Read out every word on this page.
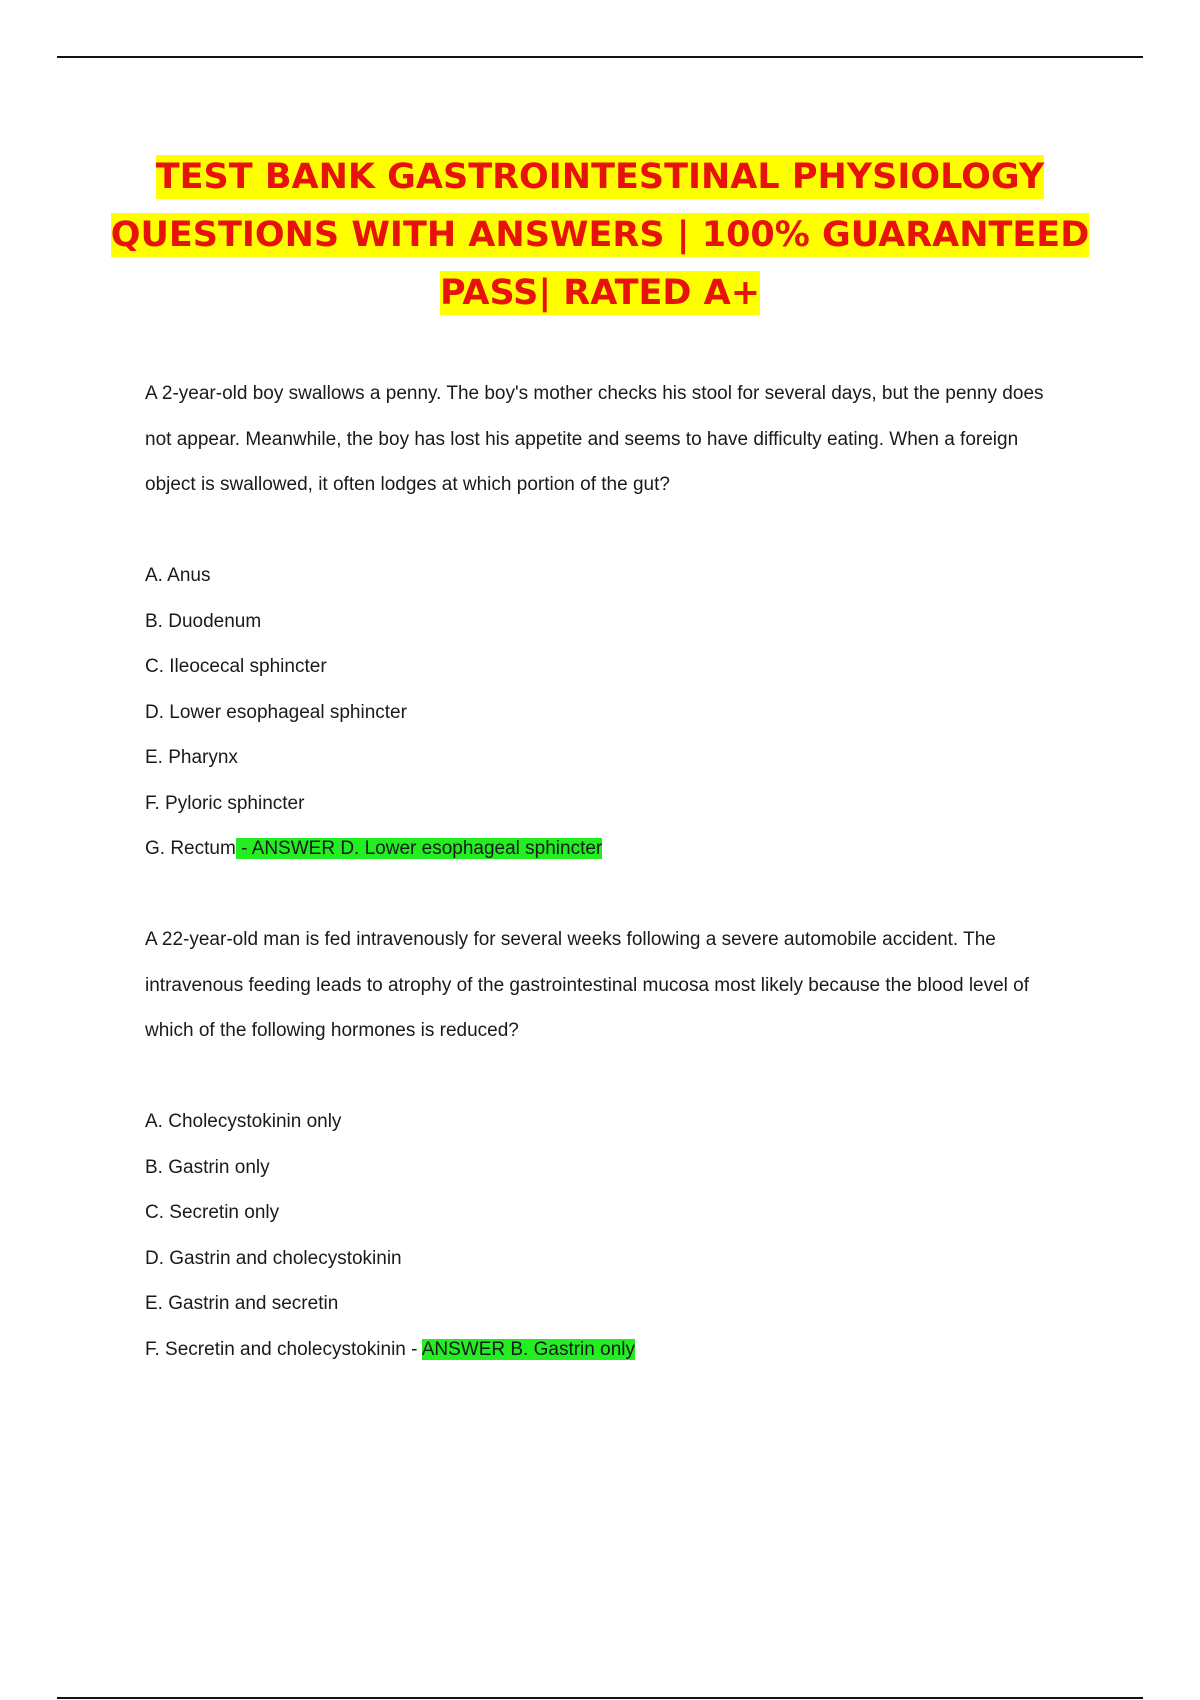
TEST BANK GASTROINTESTINAL PHYSIOLOGY QUESTIONS WITH ANSWERS | 100% GUARANTEED PASS| RATED A+

A 2-year-old boy swallows a penny. The boy's mother checks his stool for several days, but the penny does not appear. Meanwhile, the boy has lost his appetite and seems to have difficulty eating. When a foreign object is swallowed, it often lodges at which portion of the gut?

A. Anus
B. Duodenum
C. Ileocecal sphincter
D. Lower esophageal sphincter
E. Pharynx
F. Pyloric sphincter
G. Rectum - ANSWER D. Lower esophageal sphincter

A 22-year-old man is fed intravenously for several weeks following a severe automobile accident. The intravenous feeding leads to atrophy of the gastrointestinal mucosa most likely because the blood level of which of the following hormones is reduced?

A. Cholecystokinin only
B. Gastrin only
C. Secretin only
D. Gastrin and cholecystokinin
E. Gastrin and secretin
F. Secretin and cholecystokinin - ANSWER B. Gastrin only
